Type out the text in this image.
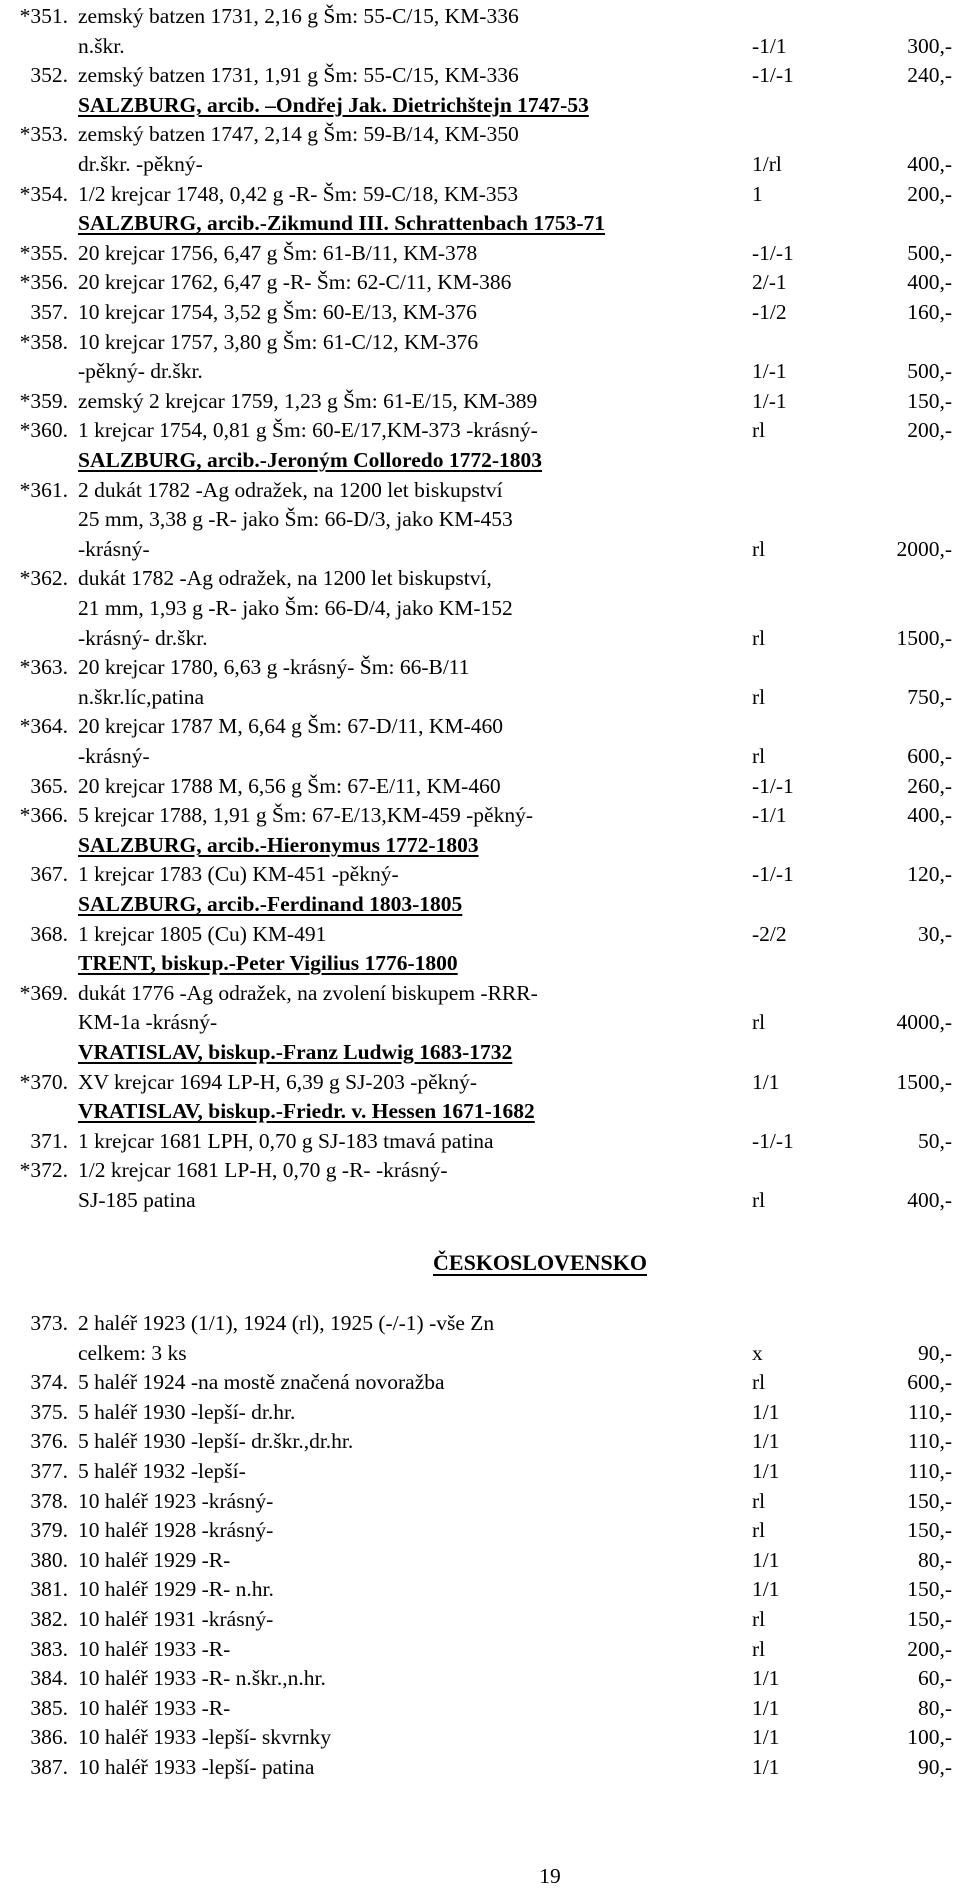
*351. zemský batzen 1731, 2,16 g Šm: 55-C/15, KM-336
n.škr.	-1/1	300,-
352. zemský batzen 1731, 1,91 g Šm: 55-C/15, KM-336	-1/-1	240,-
SALZBURG, arcib. –Ondřej Jak. Dietrichštejn 1747-53
*353. zemský batzen 1747, 2,14 g Šm: 59-B/14, KM-350
dr.škr. -pěkný-	1/rl	400,-
*354. 1/2 krejcar 1748, 0,42 g -R- Šm: 59-C/18, KM-353	1	200,-
SALZBURG, arcib.-Zikmund III. Schrattenbach 1753-71
*355. 20 krejcar 1756, 6,47 g Šm: 61-B/11, KM-378	-1/-1	500,-
*356. 20 krejcar 1762, 6,47 g -R- Šm: 62-C/11, KM-386	2/-1	400,-
357. 10 krejcar 1754, 3,52 g Šm: 60-E/13, KM-376	-1/2	160,-
*358. 10 krejcar 1757, 3,80 g Šm: 61-C/12, KM-376
-pěkný- dr.škr.	1/-1	500,-
*359. zemský 2 krejcar 1759, 1,23 g Šm: 61-E/15, KM-389	1/-1	150,-
*360. 1 krejcar 1754, 0,81 g Šm: 60-E/17,KM-373 -krásný-	rl	200,-
SALZBURG, arcib.-Jeroným Colloredo 1772-1803
*361. 2 dukát 1782 -Ag odražek, na 1200 let biskupství
25 mm, 3,38 g -R- jako Šm: 66-D/3, jako KM-453
-krásný-	rl	2000,-
*362. dukát 1782 -Ag odražek, na 1200 let biskupství,
21 mm, 1,93 g -R- jako Šm: 66-D/4, jako KM-152
-krásný- dr.škr.	rl	1500,-
*363. 20 krejcar 1780, 6,63 g -krásný- Šm: 66-B/11
n.škr.líc,patina	rl	750,-
*364. 20 krejcar 1787 M, 6,64 g Šm: 67-D/11, KM-460
-krásný-	rl	600,-
365. 20 krejcar 1788 M, 6,56 g Šm: 67-E/11, KM-460	-1/-1	260,-
*366. 5 krejcar 1788, 1,91 g Šm: 67-E/13,KM-459 -pěkný-	-1/1	400,-
SALZBURG, arcib.-Hieronymus 1772-1803
367. 1 krejcar 1783 (Cu) KM-451 -pěkný-	-1/-1	120,-
SALZBURG, arcib.-Ferdinand 1803-1805
368. 1 krejcar 1805 (Cu) KM-491	-2/2	30,-
TRENT, biskup.-Peter Vigilius 1776-1800
*369. dukát 1776 -Ag odražek, na zvolení biskupem -RRR-
KM-1a -krásný-	rl	4000,-
VRATISLAV, biskup.-Franz Ludwig 1683-1732
*370. XV krejcar 1694 LP-H, 6,39 g SJ-203 -pěkný-	1/1	1500,-
VRATISLAV, biskup.-Friedr. v. Hessen 1671-1682
371. 1 krejcar 1681 LPH, 0,70 g SJ-183 tmavá patina	-1/-1	50,-
*372. 1/2 krejcar 1681 LP-H, 0,70 g -R- -krásný-
SJ-185 patina	rl	400,-
ČESKOSLOVENSKO
373. 2 haléř 1923 (1/1), 1924 (rl), 1925 (-/-1) -vše Zn
celkem: 3 ks	x	90,-
374. 5 haléř 1924 -na mostě značená novoražba	rl	600,-
375. 5 haléř 1930 -lepší- dr.hr.	1/1	110,-
376. 5 haléř 1930 -lepší- dr.škr.,dr.hr.	1/1	110,-
377. 5 haléř 1932 -lepší-	1/1	110,-
378. 10 haléř 1923 -krásný-	rl	150,-
379. 10 haléř 1928 -krásný-	rl	150,-
380. 10 haléř 1929 -R-	1/1	80,-
381. 10 haléř 1929 -R- n.hr.	1/1	150,-
382. 10 haléř 1931 -krásný-	rl	150,-
383. 10 haléř 1933 -R-	rl	200,-
384. 10 haléř 1933 -R- n.škr.,n.hr.	1/1	60,-
385. 10 haléř 1933 -R-	1/1	80,-
386. 10 haléř 1933 -lepší- skvrnky	1/1	100,-
387. 10 haléř 1933 -lepší- patina	1/1	90,-
19
